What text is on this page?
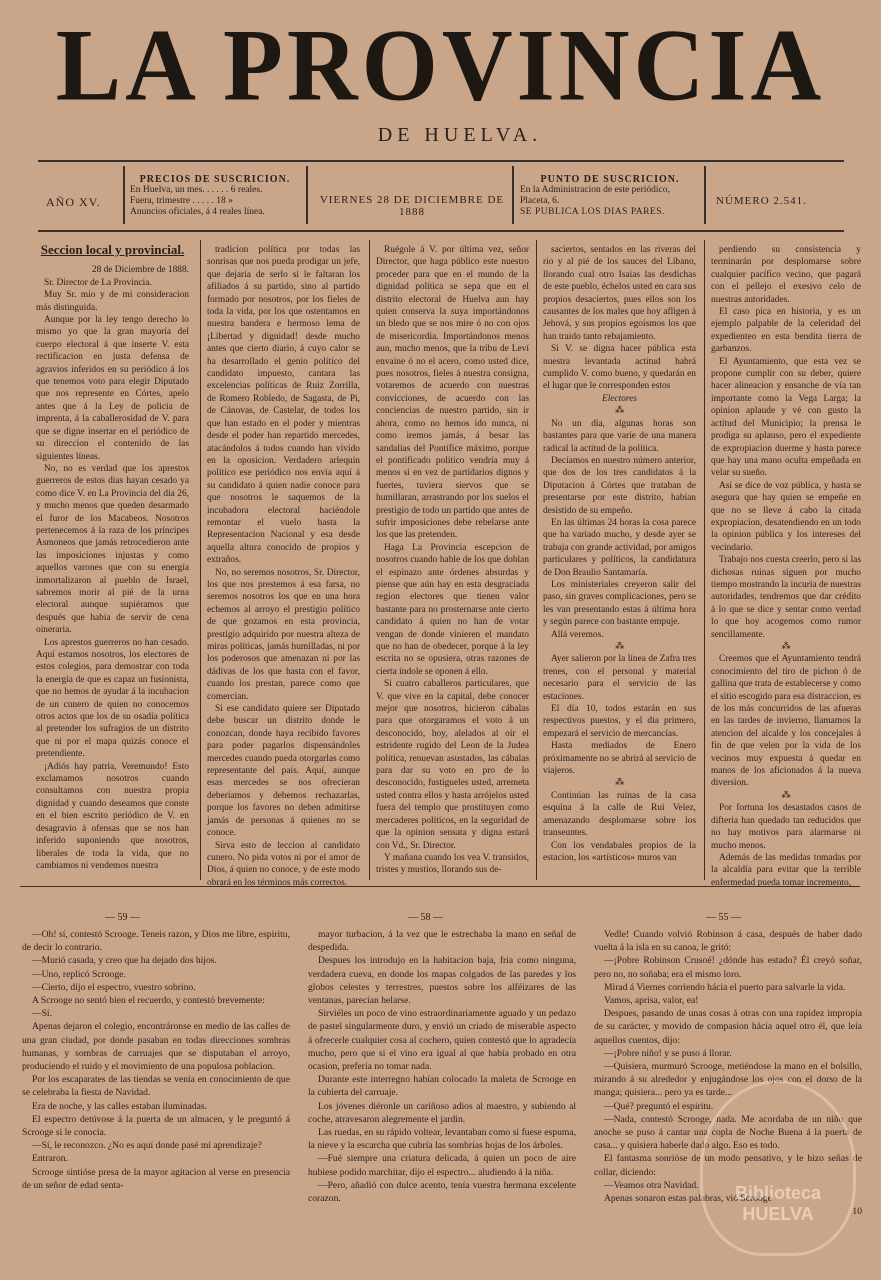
LA PROVINCIA
DE HUELVA.
AÑO XV.
PRECIOS DE SUSCRICION.
En Huelva, un mes. . . . . . 6 reales.
Fuera, trimestre . . . . . 18 »
Anuncios oficiales, á 4 reales línea.
VIERNES 28 DE DICIEMBRE DE 1888
PUNTO DE SUSCRICION.
En la Administracion de este periódico,
Placeta, 6.
SE PUBLICA LOS DIAS PARES.
NÚMERO 2.541.

Seccion local y provincial.

28 de Diciembre de 1888.

Sr. Director de La Provincia.

Muy Sr. mio y de mi consideracion más distinguida.

Aunque por la ley tengo derecho lo mismo yo que la gran mayoría del cuerpo electoral á que inserte V. esta rectificacion en justa defensa de agravios inferidos en su periódico á los que tenemos voto para elegir Diputado que nos represente en Córtes, apelo antes que á la Ley de policía de imprenta, á la caballerosidad de V. para que se digne insertar en el periódico de su direccion el contenido de las siguientes líneas.

No, no es verdad que los aprestos guerreros de estos dias hayan cesado ya como dice V. en La Provincia del dia 26, y mucho menos que queden desarmado el furor de los Macabeos. Nosotros pertenecemos á la raza de los príncipes Asmoneos que jamás retrocedieron ante las imposiciones injustas y como aquellos varones que con su energía inmortalizaron al pueblo de Israel, sabremos morir al pié de la urna electoral aunque supiéramos que después que había de servir de cena oineraria.

Los aprestos guerreros no han cesado. Aquí estamos nosotros, los electores de estos colegios, para demostrar con toda la energía de que es capaz un fusionista, que no hemos de ayudar á la incubacion de un cunero de quien no conocemos otros actos que los de su osadía política al pretender los sufragios de un distrito que ni por el mapa quizás conoce el pretendiente.

¡Adiós hay patria, Veremundo! Esto exclamamos nosotros cuando consultamos con nuestra propia dignidad y cuando deseamos que conste en el bien escrito periódico de V. en desagravio á ofensas que se nos han inferido suponiendo que nosotros, liberales de toda la vida, que no cambiamos ni vendemos nuestra

tradicion política por todas las sonrisas que nos pueda prodigar un jefe, que dejaría de serlo si le faltaran los afiliados á su partido, sino al partido formado por nosotros, por los fieles de toda la vida, por los que ostentamos en nuestra bandera e hermoso lema de ¡Libertad y dignidad! desde mucho antes que cierto diario, á cuyo calor se ha desarrollado el genio político del candidato impuesto, cantara las excelencias políticas de Ruiz Zorrilla, de Romero Robledo, de Sagasta, de Pi, de Cánovas, de Castelar, de todos los que han estado en el poder y mientras desde el poder han repartido mercedes, atacándolos á todos cuando han vivido en la oposicion. Verdadero arlequin político ese periódico nos envía aquí á su candidato á quien nadie conoce para que nosotros le saquemos de la incubadora electoral haciéndole remontar el vuelo hasta la Representacion Nacional y esa desde aquella altura conocido de propios y extraños.

No, no seremos nosotros, Sr. Director, los que nos prestemos á esa farsa, no seremos nosotros los que en una hora echemos al arroyo el prestigio político de que gozamos en esta provincia, prestigio adquirido por nuestra alteza de miras políticas, jamás humilladas, ni por los poderosos que amenazan ni por las dádivas de los que hasta con el favor, cuando los prestan, parece como que comercian.

Si ese candidato quiere ser Diputado debe buscar un distrito donde le conozcan, donde haya recibido favores para poder pagarlos dispensándoles mercedes cuando pueda otorgarlas como representante del país. Aquí, aunque esas mercedes se nos ofrecieran deberíamos y debemos rechazarlas, porque los favores no deben admitirse jamás de personas á quienes no se conoce.

Sirva esto de leccion al candidato cunero. No pida votos ni por el amor de Dios, á quien no conoce, y de este modo obrará en los términos más correctos.

Ruégole á V. por última vez, señor Director, que haga público este nuestro proceder para que en el mundo de la dignidad política se sepa que en el distrito electoral de Huelva aun hay quien conserva la suya importándonos un bledo que se nos mire ó no con ojos de misericordia. Importándonos menos aun, mucho menos, que la tribu de Leví envaine ó no el acero, como usted dice, pues nosotros, fieles á nuestra consigna, votaremos de acuerdo con nuestras convicciones, de acuerdo con las conciencias de nuestro partido, sin ir ahora, como no hemos ido nunca, ni como iremos jamás, á besar las sandalias del Pontífice máximo, porque el pontificado político vendría muy á menos si en vez de partidarios dignos y fuertes, tuviera siervos que se humillaran, arrastrando por los suelos el prestigio de todo un partido que antes de sufrir imposiciones debe rebelarse ante los que las pretenden.

Haga La Provincia escepcion de nosotros cuando hable de los que doblan el espinazo ante órdenes absurdas y piense que aún hay en esta desgraciada region electores que tienen valor bastante para no prosternarse ante cierto candidato á quien no han de votar vengan de donde vinieren el mandato que no han de obedecer, porque á la ley escrita no se opusiera, otras razones de cierta índole se oponen á ello.

Si cuatro caballeros particulares, que V. que vive en la capital, debe conocer mejor que nosotros, hicieron cábalas para que otorgaramos el voto á un desconocido, hoy, alelados al oír el estridente rugido del Leon de la Judea política, renuevan asustados, las cábalas para dar su voto en pro de lo desconocido, fustigueles usted, arremeta usted contra ellos y hasta arrójelos usted fuera del templo que prostituyen como mercaderes políticos, en la seguridad de que la opinion sensata y digna estará con Vd., Sr. Director.

Y mañana cuando los vea V. transidos, tristes y mustios, llorando sus de-

saciertos, sentados en las riveras del rio y al pié de los sauces del Líbano, llorando cual otro Isaias las desdichas de este pueblo, échelos usted en cara sus propios desaciertos, pues ellos son los causantes de los males que hoy afligen á Jehová, y sus propios egoismos los que han traido tanto rebajamiento.

Si V. se digna hacer pública esta nuestra levantada actitud habrá cumplido V. como bueno, y quedarán en el lugar que le corresponden estos

Electores

⁂

No un día, algunas horas son bastantes para que varíe de una manera radical la actitud de la política.

Decíamos en nuestro número anterior, que dos de los tres candidatos á la Diputacion á Córtes que trataban de presentarse por este distrito, habían desistido de su empeño.

En las últimas 24 horas la cosa parece que ha variado mucho, y desde ayer se trabaja con grande actividad, por amigos particulares y políticos, la candidatura de Don Braulio Santamaría.

Los ministeriales creyeron salir del paso, sin graves complicaciones, pero se les van presentando estas á última hora y según parece con bastante empuje.

Allá veremos.

⁂

Ayer salieron por la línea de Zafra tres trenes, con el personal y material necesario para el servicio de las estaciones.

El día 10, todos estarán en sus respectivos puestos, y el día primero, empezará el servicio de mercancías.

Hasta mediados de Enero próximamente no se abrirá al servicio de viajeros.

⁂

Continúan las ruinas de la casa esquina á la calle de Rui Velez, amenazando desplomarse sobre los transeuntes.

Con los vendabales propios de la estacion, los «artísticos» muros van

perdiendo su consistencia y terminarán por desplomarse sobre cualquier pacífico vecino, que pagará con el pellejo el exesivo celo de nuestras autoridades.

El caso pica en historia, y es un ejemplo palpable de la celeridad del expedienteo en esta bendita tierra de garbanzos.

El Ayuntamiento, que esta vez se propone cumplir con su deber, quiere hacer alineacion y ensanche de vía tan importante como la Vega Larga; la opinion aplaude y vé con gusto la actitud del Municipio; la prensa le prodiga su aplauso, pero el expediente de expropiacion duerme y hasta parece que hay una mano oculta empeñada en velar su sueño.

Así se dice de voz pública, y hasta se asegura que hay quien se empeñe en que no se lleve á cabo la citada expropiacion, desatendiendo en un todo la opinion pública y los intereses del vecindario.

Trabajo nos cuesta creerlo, pero si las dichosas ruinas siguen por mucho tiempo mostrando la incuria de nuestras autoridades, tendremos que dar crédito á lo que se dice y sentar como verdad lo que hoy acogemos como rumor sencillamente.

⁂

Creemos que el Ayuntamiento tendrá conocimiento del tiro de pichon ó de gallina que trata de establecerse y como el sitio escogido para esa distraccion, es de los más concurridos de las afueras en las tardes de invierno, llamamos la atencion del alcalde y los concejales á fin de que velen por la vida de los vecinos muy expuesta á quedar en manos de los aficionados á la nueva diversion.

⁂

Por fortuna los desastados casos de difteria han quedado tan reducidos que no hay motivos para alarmarse ni mucho menos.

Además de las medidas tomadas por la alcaldía para evitar que la terrible enfermedad pueda tomar incremento,

— 59 —	— 58 —	— 55 —

—Oh! sí, contestó Scrooge. Teneis razon, y Dios me libre, espíritu, de decir lo contrario.

—Murió casada, y creo que ha dejado dos hijos.

—Uno, replicó Scrooge.

—Cierto, dijo el espectro, vuestro sobrino.

A Scrooge no sentó bien el recuerdo, y contestó brevemente:

—Sí.

Apenas dejaron el colegio, encontráronse en medio de las calles de una gran ciudad, por donde pasaban en todas direcciones sombras humanas, y sombras de carruajes que se disputaban el arroyo, produciendo el ruido y el movimiento de una populosa poblacion.

Por los escaparates de las tiendas se venía en conocimiento de que se celebraba la fiesta de Navidad.

Era de noche, y las calles estaban iluminadas.

El espectro detúvose á la puerta de un almacen, y le preguntó á Scrooge si le conocía.

—Sí, le reconozco. ¿No es aquí donde pasé mi aprendizaje?

Entraron.

Scrooge sintióse presa de la mayor agitacion al verse en presencia de un señor de edad senta-

mayor turbacion, á la vez que le estrechaba la mano en señal de despedida.

Despues los introdujo en la habitacion baja, fria como ninguna, verdadera cueva, en donde los mapas colgados de las paredes y los globos celestes y terrestres, puestos sobre los alféizares de las ventanas, parecían helarse.

Sirviéles un poco de vino estraordinariamente aguado y un pedazo de pastel singularmente duro, y envió un criado de miserable aspecto á ofrecerle cualquier cosa al cochero, quien contestó que lo agradecía mucho, pero que si el vino era igual al que había probado en otra ocasion, prefería no tomar nada.

Durante este interregno habían colocado la maleta de Scrooge en la cubierta del carruaje.

Los jóvenes diéronle un cariñoso adios al maestro, y subiendo al coche, atravesaron alegremente el jardin.

Las ruedas, en su rápido voltear, levantaban como si fuese espuma, la nieve y la escarcha que cubría las sombrías hojas de los árboles.

—Fué siempre una criatura delicada, á quien un poco de aire hubiese podido marchitar, dijo el espectro... aludiendo á la niña.

—Pero, añadió con dulce acento, tenía vuestra hermana excelente corazon.

Vedle! Cuando volvió Robinson á casa, después de haber dado vuelta á la isla en su canoa, le gritó:

—¡Pobre Robinson Crusoé! ¿dónde has estado? Él creyó soñar, pero no, no soñaba; era el mismo loro.

Mirad á Viernes corriendo hácia el puerto para salvarle la vida.

Vamos, aprisa, valor, ea!

Despues, pasando de unas cosas á otras con una rapidez impropia de su carácter, y movido de compasion hácia aquel otro él, que leía aquellos cuentos, dijo:

—¡Pobre niño! y se puso á llorar.

—Quisiera, murmuró Scrooge, metiéndose la mano en el bolsillo, mirando á su alrededor y enjugándose los ojos con el dorso de la manga; quisiera... pero ya es tarde...

—Qué? preguntó el espíritu.

—Nada, contestó Scrooge, nada. Me acordaba de un niño que anoche se puso á cantar una copla de Noche Buena á la puerta de casa... y quisiera haberle dado algo. Eso es todo.

El fantasma sonrióse de un modo pensativo, y le hizo señas de collar, diciendo:

—Veamos otra Navidad.

Apenas sonaron estas palabras, vió Scrooge

10

Biblioteca
HUELVA
